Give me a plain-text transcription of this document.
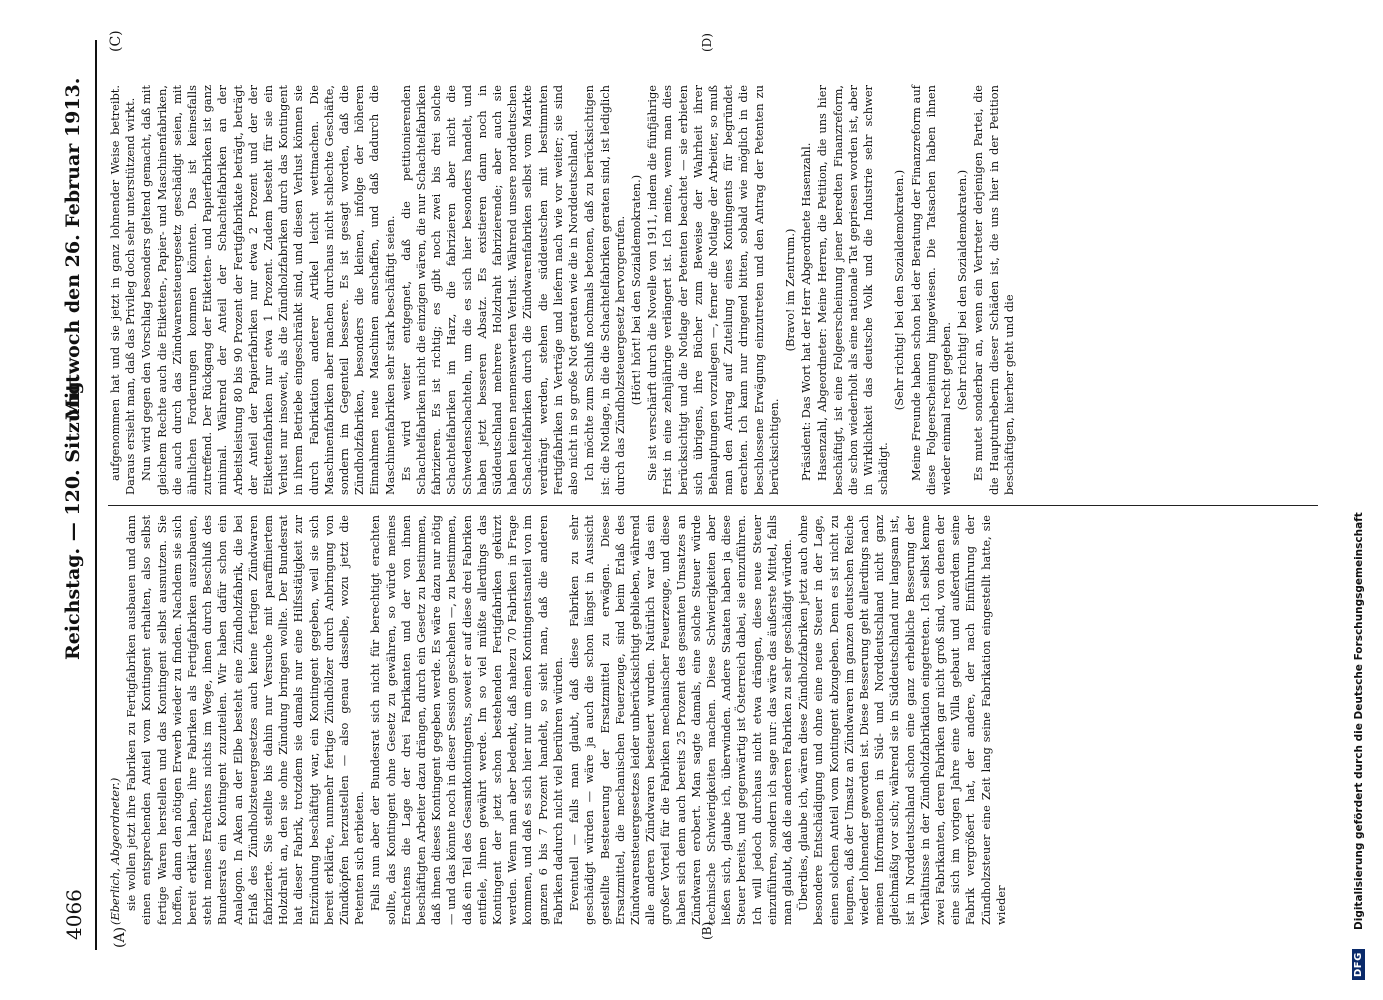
4066
Reichstag. — 120. Sitzung.
Mittwoch den 26. Februar 1913.
(A)	(B)
(C)	(D)

(Eberlich, Abgeordneter.) sie wollen jetzt ihre Fabriken zu Fertigfabriken ausbauen und dann einen entsprechenden Anteil vom Kontingent erhalten, also selbst fertige Waren herstellen und das Kontingent selbst ausnutzen. Sie hoffen, dann den nötigen Erwerb wieder zu finden. Nachdem sie sich bereit erklärt haben, ihre Fabriken als Fertigfabriken auszubauen, steht meines Erachtens nichts im Wege, ihnen durch Beschluß des Bundesrats ein Kontingent zuzuteilen. Wir haben dafür schon ein Analogon. In Aken an der Elbe besteht eine Zündholzfabrik, die bei Erlaß des Zündholzsteuergesetzes auch keine fertigen Zündwaren fabrizierte. Sie stellte bis dahin nur Versuche mit paraffiniertem Holzdraht an, den sie ohne Zündung bringen wollte. Der Bundesrat hat dieser Fabrik, trotzdem sie damals nur eine Hilfsstätigkeit zur Entzündung beschäftigt war, ein Kontingent gegeben, weil sie sich bereit erklärte, nunmehr fertige Zündhölzer durch Anbringung von Zündköpfen herzustellen — also genau dasselbe, wozu jetzt die Petenten sich erbieten. Falls nun aber der Bundesrat sich nicht für berechtigt erachten sollte, das Kontingent ohne Gesetz zu gewähren, so würde meines Erachtens die Lage der drei Fabrikanten und der von ihnen beschäftigten Arbeiter dazu drängen, durch ein Gesetz zu bestimmen, daß ihnen dieses Kontingent gegeben werde. Es wäre dazu nur nötig — und das könnte noch in dieser Session geschehen —, zu bestimmen, daß ein Teil des Gesamtkontingents, soweit er auf diese drei Fabriken entfielе, ihnen gewährt werde. Im so viel müßte allerdings das Kontingent der jetzt schon bestehenden Fertigfabriken gekürzt werden. Wenn man aber bedenkt, daß nahezu 70 Fabriken in Frage kommen, und daß es sich hier nur um einen Kontingentsanteil von im ganzen 6 bis 7 Prozent handelt, so sieht man, daß die anderen Fabriken dadurch nicht viel berühren würden. Eventuell — falls man glaubt, daß diese Fabriken zu sehr geschädigt würden — wäre ja auch die schon längst in Aussicht gestellte Besteuerung der Ersatzmittel zu erwägen. Diese Ersatzmittel, die mechanischen Feuerzeuge, sind beim Erlaß des Zündwarensteuergesetzes leider unberücksichtigt geblieben, während alle anderen Zündwaren besteuert wurden. Natürlich war das ein großer Vorteil für die Fabriken mechanischer Feuerzeuge, und diese haben sich denn auch bereits 25 Prozent des gesamten Umsatzes an Zündwaren erobert. Man sagte damals, eine solche Steuer würde technische Schwierigkeiten machen. Diese Schwierigkeiten aber ließen sich, glaube ich, überwinden. Andere Staaten haben ja diese Steuer bereits, und gegenwärtig ist Österreich dabei, sie einzuführen. Ich will jedoch durchaus nicht etwa drängen, diese neue Steuer einzuführen, sondern ich sage nur: das wäre das äußerste Mittel, falls man glaubt, daß die anderen Fabriken zu sehr geschädigt würden. Überdies, glaube ich, wären diese Zündholzfabriken jetzt auch ohne besondere Entschädigung und ohne eine neue Steuer in der Lage, einen solchen Anteil vom Kontingent abzugeben. Denn es ist nicht zu leugnen, daß der Umsatz an Zündwaren im ganzen deutschen Reiche wieder lohnender geworden ist. Diese Besserung geht allerdings nach meinen Informationen in Süd- und Norddeutschland nicht ganz gleichmäßig vor sich; während sie in Süddeutschland nur langsam ist, ist in Norddeutschland schon eine ganz erhebliche Besserung der Verhältnisse in der Zündholzfabrikation eingetreten. Ich selbst kenne zwei Fabrikanten, deren Fabriken gar nicht groß sind, von denen der eine sich im vorigen Jahre eine Villa gebaut und außerdem seine Fabrik vergrößert hat, der andere, der nach Einführung der Zündholzsteuer eine Zeit lang seine Fabrikation eingestellt hatte, sie wieder

aufgenommen hat und sie jetzt in ganz lohnender Weise betreibt. Daraus ersieht man, daß das Privileg doch sehr unterstützend wirkt. Nun wird gegen den Vorschlag besonders geltend gemacht, daß mit gleichem Rechte auch die Etiketten-, Papier- und Maschinenfabriken, die auch durch das Zündwarensteuergesetz geschädigt seien, mit ähnlichen Forderungen kommen könnten. Das ist keinesfalls zutreffend. Der Rückgang der Etiketten- und Papierfabriken ist ganz minimal. Während der Anteil der Schachtelfabriken an der Arbeitsleistung 80 bis 90 Prozent der Fertigfabrikate beträgt, beträgt der Anteil der Papierfabriken nur etwa 2 Prozent und der der Etikettenfabriken nur etwa 1 Prozent. Zudem besteht für sie ein Verlust nur insoweit, als die Zündholzfabriken durch das Kontingent in ihrem Betriebe eingeschränkt sind, und diesen Verlust können sie durch Fabrikation anderer Artikel leicht wettmachen. Die Maschinenfabriken aber machen durchaus nicht schlechte Geschäfte, sondern im Gegenteil bessere. Es ist gesagt worden, daß die Zündholzfabriken, besonders die kleinen, infolge der höheren Einnahmen neue Maschinen anschaffen, und daß dadurch die Maschinenfabriken sehr stark beschäftigt seien. Es wird weiter entgegnet, daß die petitionierenden Schachtelfabriken nicht die einzigen wären, die nur Schachtelfabriken fabrizieren. Es ist richtig; es gibt noch zwei bis drei solche Schachtelfabriken im Harz, die fabrizieren aber nicht die Schwedenschachteln, um die es sich hier besonders handelt, und haben jetzt besseren Absatz. Es existieren dann noch in Süddeutschland mehrere Holzdraht fabrizierende; aber auch sie haben keinen nennenswerten Verlust. Während unsere norddeutschen Schachtelfabriken durch die Zündwarenfabriken selbst vom Markte verdrängt werden, stehen die süddeutschen mit bestimmten Fertigfabriken in Verträge und liefern nach wie vor weiter; sie sind also nicht in so große Not geraten wie die in Norddeutschland. Ich möchte zum Schluß nochmals betonen, daß zu berücksichtigen ist: die Notlage, in die die Schachtelfabriken geraten sind, ist lediglich durch das Zündholzsteuergesetz hervorgerufen. (Hört! hört! bei den Sozialdemokraten.) Sie ist verschärft durch die Novelle von 1911, indem die fünfjährige Frist in eine zehnjährige verlängert ist. Ich meine, wenn man dies berücksichtigt und die Notlage der Petenten beachtet — sie erbieten sich übrigens, ihre Bücher zum Beweise der Wahrheit ihrer Behauptungen vorzulegen —, ferner die Notlage der Arbeiter, so muß man den Antrag auf Zuteilung eines Kontingents für begründet erachten. Ich kann nur dringend bitten, sobald wie möglich in die beschlossene Erwägung einzutreten und den Antrag der Petenten zu berücksichtigen.

(Bravo! im Zentrum.) Präsident: Das Wort hat der Herr Abgeordnete Hasenzahl. Hasenzahl, Abgeordneter: Meine Herren, die Petition, die uns hier beschäftigt, ist eine Folgeerscheinung jener beredten Finanzreform, die schon wiederholt als eine nationale Tat gepriesen worden ist, aber in Wirklichkeit das deutsche Volk und die Industrie sehr schwer schädigt.

(Sehr richtig! bei den Sozialdemokraten.) Meine Freunde haben schon bei der Beratung der Finanzreform auf diese Folgeerscheinung hingewiesen. Die Tatsachen haben ihnen wieder einmal recht gegeben. (Sehr richtig! bei den Sozialdemokraten.) Es mutet sonderbar an, wenn ein Vertreter derjenigen Partei, die die Haupturheberin dieser Schäden ist, die uns hier in der Petition beschäftigen, hierher geht und die

DFG
Digitalisierung gefördert durch die Deutsche Forschungsgemeinschaft
